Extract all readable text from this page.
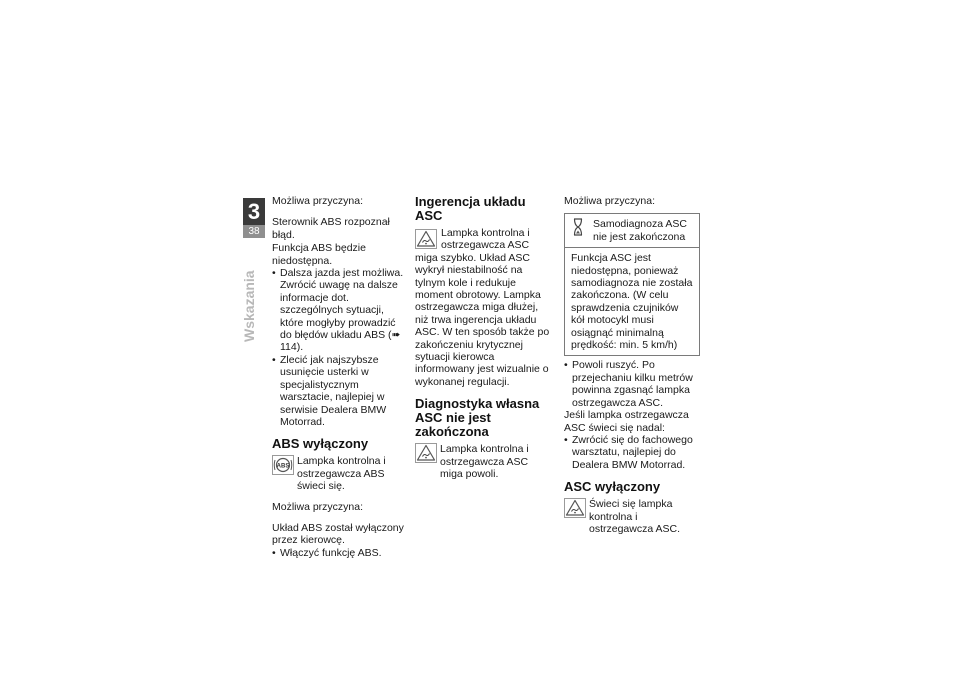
3
38
Wskazania

Możliwa przyczyna:

Sterownik ABS rozpoznał błąd.

Funkcja ABS będzie niedostępna.

• Dalsza jazda jest możliwa. Zwrócić uwagę na dalsze informacje dot. szczególnych sytuacji, które mogłyby prowadzić do błędów układu ABS (➠ 114).
• Zlecić jak najszybsze usunięcie usterki w specjalistycznym warsztacie, najlepiej w serwisie Dealera BMW Motorrad.
ABS wyłączony
ABS Lampka kontrolna i ostrzegawcza ABS świeci się.

Możliwa przyczyna:

Układ ABS został wyłączony przez kierowcę.

• Włączyć funkcję ABS.
Ingerencja układu ASC
Lampka kontrolna i ostrzegawcza ASC miga szybko. Układ ASC wykrył niestabilność na tylnym kole i redukuje moment obrotowy. Lampka ostrzegawcza miga dłużej, niż trwa ingerencja układu ASC. W ten sposób także po zakończeniu krytycznej sytuacji kierowca informowany jest wizualnie o wykonanej regulacji.
Diagnostyka własna ASC nie jest zakończona
Lampka kontrolna i ostrzegawcza ASC miga powoli.

Możliwa przyczyna:

Samodiagnoza ASC nie jest zakończona
Funkcja ASC jest niedostępna, ponieważ samodiagnoza nie została zakończona. (W celu sprawdzenia czujników kół motocykl musi osiągnąć minimalną prędkość: min. 5 km/h)
• Powoli ruszyć. Po przejechaniu kilku metrów powinna zgasnąć lampka ostrzegawcza ASC.

Jeśli lampka ostrzegawcza ASC świeci się nadal:

• Zwrócić się do fachowego warsztatu, najlepiej do Dealera BMW Motorrad.
ASC wyłączony
Świeci się lampka kontrolna i ostrzegawcza ASC.
